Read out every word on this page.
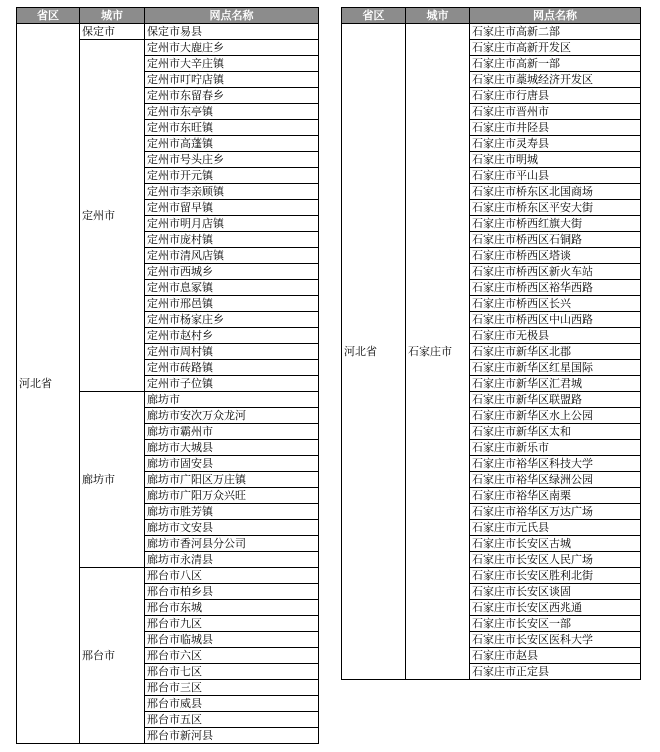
省区	城市	网点名称
河北省	保定市	保定市易县
	定州市	定州市大鹿庄乡
		定州市大辛庄镇
		定州市叮咛店镇
		定州市东留春乡
		定州市东亭镇
		定州市东旺镇
		定州市高蓬镇
		定州市号头庄乡
		定州市开元镇
		定州市李亲顾镇
		定州市留早镇
		定州市明月店镇
		定州市庞村镇
		定州市清风店镇
		定州市西城乡
		定州市息冢镇
		定州市邢邑镇
		定州市杨家庄乡
		定州市赵村乡
		定州市周村镇
		定州市砖路镇
		定州市子位镇
	廊坊市	廊坊市
		廊坊市安次万众龙河
		廊坊市霸州市
		廊坊市大城县
		廊坊市固安县
		廊坊市广阳区万庄镇
		廊坊市广阳万众兴旺
		廊坊市胜芳镇
		廊坊市文安县
		廊坊市香河县分公司
		廊坊市永清县
	邢台市	邢台市八区
		邢台市柏乡县
		邢台市东城
		邢台市九区
		邢台市临城县
		邢台市六区
		邢台市七区
		邢台市三区
		邢台市威县
		邢台市五区
		邢台市新河县
省区	城市	网点名称
河北省	石家庄市	石家庄市高新二部
		石家庄市高新开发区
		石家庄市高新一部
		石家庄市藁城经济开发区
		石家庄市行唐县
		石家庄市晋州市
		石家庄市井陉县
		石家庄市灵寿县
		石家庄市明城
		石家庄市平山县
		石家庄市桥东区北国商场
		石家庄市桥东区平安大街
		石家庄市桥西红旗大街
		石家庄市桥西区石铜路
		石家庄市桥西区塔谈
		石家庄市桥西区新火车站
		石家庄市桥西区裕华西路
		石家庄市桥西区长兴
		石家庄市桥西区中山西路
		石家庄市无极县
		石家庄市新华区北郡
		石家庄市新华区红星国际
		石家庄市新华区汇君城
		石家庄市新华区联盟路
		石家庄市新华区水上公园
		石家庄市新华区太和
		石家庄市新乐市
		石家庄市裕华区科技大学
		石家庄市裕华区绿洲公园
		石家庄市裕华区南栗
		石家庄市裕华区万达广场
		石家庄市元氏县
		石家庄市长安区古城
		石家庄市长安区人民广场
		石家庄市长安区胜利北街
		石家庄市长安区谈固
		石家庄市长安区西兆通
		石家庄市长安区一部
		石家庄市长安区医科大学
		石家庄市赵县
		石家庄市正定县
